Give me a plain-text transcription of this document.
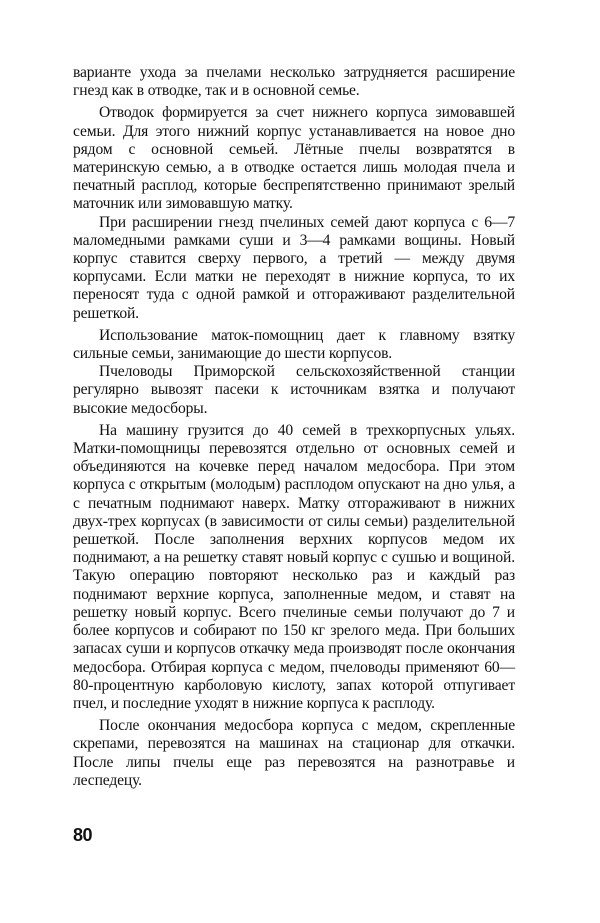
варианте ухода за пчелами несколько затрудняется расширение гнезд как в отводке, так и в основной семье.

Отводок формируется за счет нижнего корпуса зимовавшей семьи. Для этого нижний корпус устанавливается на новое дно рядом с основной семьей. Лётные пчелы возвратятся в материнскую семью, а в отводке остается лишь молодая пчела и печатный расплод, которые беспрепятственно принимают зрелый маточник или зимовавшую матку.

При расширении гнезд пчелиных семей дают корпуса с 6—7 маломедными рамками суши и 3—4 рамками вощины. Новый корпус ставится сверху первого, а третий — между двумя корпусами. Если матки не переходят в нижние корпуса, то их переносят туда с одной рамкой и отгораживают разделительной решеткой.

Использование маток-помощниц дает к главному взятку сильные семьи, занимающие до шести корпусов.

Пчеловоды Приморской сельскохозяйственной станции регулярно вывозят пасеки к источникам взятка и получают высокие медосборы.

На машину грузится до 40 семей в трехкорпусных ульях. Матки-помощницы перевозятся отдельно от основных семей и объединяются на кочевке перед началом медосбора. При этом корпуса с открытым (молодым) расплодом опускают на дно улья, а с печатным поднимают наверх. Матку отгораживают в нижних двух-трех корпусах (в зависимости от силы семьи) разделительной решеткой. После заполнения верхних корпусов медом их поднимают, а на решетку ставят новый корпус с сушью и вощиной. Такую операцию повторяют несколько раз и каждый раз поднимают верхние корпуса, заполненные медом, и ставят на решетку новый корпус. Всего пчелиные семьи получают до 7 и более корпусов и собирают по 150 кг зрелого меда. При больших запасах суши и корпусов откачку меда производят после окончания медосбора. Отбирая корпуса с медом, пчеловоды применяют 60—80-процентную карболовую кислоту, запах которой отпугивает пчел, и последние уходят в нижние корпуса к расплоду.

После окончания медосбора корпуса с медом, скрепленные скрепами, перевозятся на машинах на стационар для откачки. После липы пчелы еще раз перевозятся на разнотравье и леспедецу.

80
